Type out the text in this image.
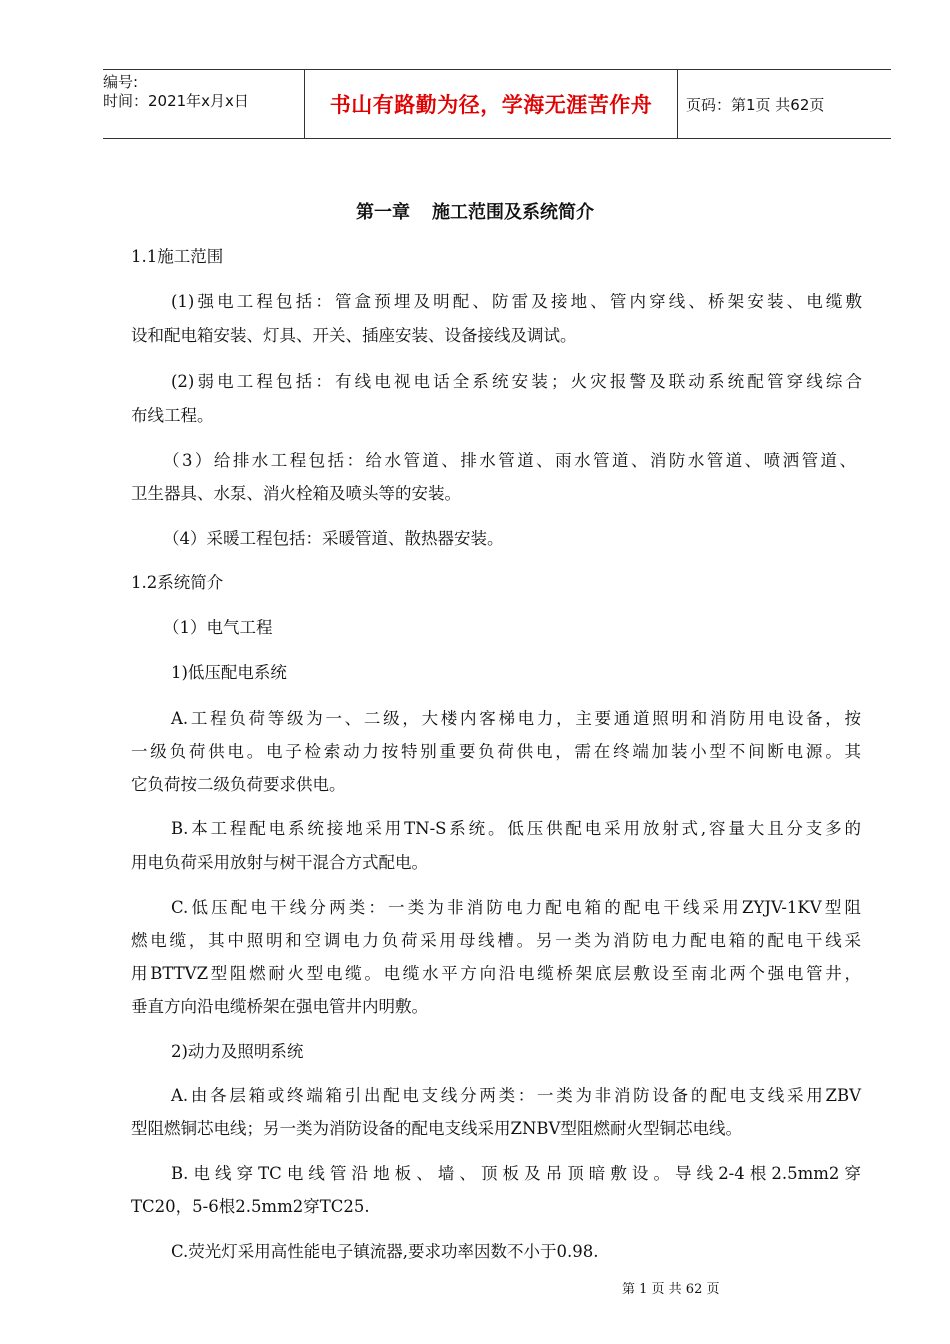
编号:
时间：2021年x月x日	书山有路勤为径，学海无涯苦作舟	页码：第1页 共62页
第一章 施工范围及系统简介
1.1施工范围
(1)强电工程包括：管盒预埋及明配、防雷及接地、管内穿线、桥架安装、电缆敷
设和配电箱安装、灯具、开关、插座安装、设备接线及调试。
(2)弱电工程包括：有线电视电话全系统安装；火灾报警及联动系统配管穿线综合
布线工程。
（3）给排水工程包括：给水管道、排水管道、雨水管道、消防水管道、喷洒管道、
卫生器具、水泵、消火栓箱及喷头等的安装。
（4）采暖工程包括：采暖管道、散热器安装。
1.2系统简介
（1）电气工程
1)低压配电系统
A.工程负荷等级为一、二级，大楼内客梯电力，主要通道照明和消防用电设备，按
一级负荷供电。电子检索动力按特别重要负荷供电，需在终端加装小型不间断电源。其
它负荷按二级负荷要求供电。
B.本工程配电系统接地采用TN-S系统。低压供配电采用放射式,容量大且分支多的
用电负荷采用放射与树干混合方式配电。
C.低压配电干线分两类：一类为非消防电力配电箱的配电干线采用ZYJV-1KV型阻
燃电缆，其中照明和空调电力负荷采用母线槽。另一类为消防电力配电箱的配电干线采
用BTTVZ型阻燃耐火型电缆。电缆水平方向沿电缆桥架底层敷设至南北两个强电管井，
垂直方向沿电缆桥架在强电管井内明敷。
2)动力及照明系统
A.由各层箱或终端箱引出配电支线分两类：一类为非消防设备的配电支线采用ZBV
型阻燃铜芯电线；另一类为消防设备的配电支线采用ZNBV型阻燃耐火型铜芯电线。
B.电线穿TC电线管沿地板、墙、顶板及吊顶暗敷设。导线2-4根2.5mm2穿
TC20，5-6根2.5mm2穿TC25.
C.荧光灯采用高性能电子镇流器,要求功率因数不小于0.98.
第 1 页 共 62 页
